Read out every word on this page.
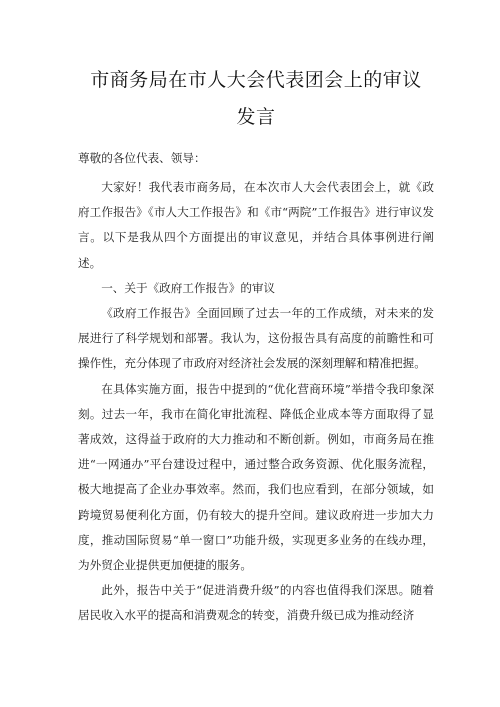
市商务局在市人大会代表团会上的审议
发言

尊敬的各位代表、领导：

大家好！我代表市商务局，在本次市人大会代表团会上，就《政府工作报告》《市人大工作报告》和《市“两院”工作报告》进行审议发言。以下是我从四个方面提出的审议意见，并结合具体事例进行阐述。

一、关于《政府工作报告》的审议

《政府工作报告》全面回顾了过去一年的工作成绩，对未来的发展进行了科学规划和部署。我认为，这份报告具有高度的前瞻性和可操作性，充分体现了市政府对经济社会发展的深刻理解和精准把握。

在具体实施方面，报告中提到的“优化营商环境”举措令我印象深刻。过去一年，我市在简化审批流程、降低企业成本等方面取得了显著成效，这得益于政府的大力推动和不断创新。例如，市商务局在推进“一网通办”平台建设过程中，通过整合政务资源、优化服务流程，极大地提高了企业办事效率。然而，我们也应看到，在部分领域，如跨境贸易便利化方面，仍有较大的提升空间。建议政府进一步加大力度，推动国际贸易“单一窗口”功能升级，实现更多业务的在线办理，为外贸企业提供更加便捷的服务。

此外，报告中关于“促进消费升级”的内容也值得我们深思。随着居民收入水平的提高和消费观念的转变，消费升级已成为推动经济
